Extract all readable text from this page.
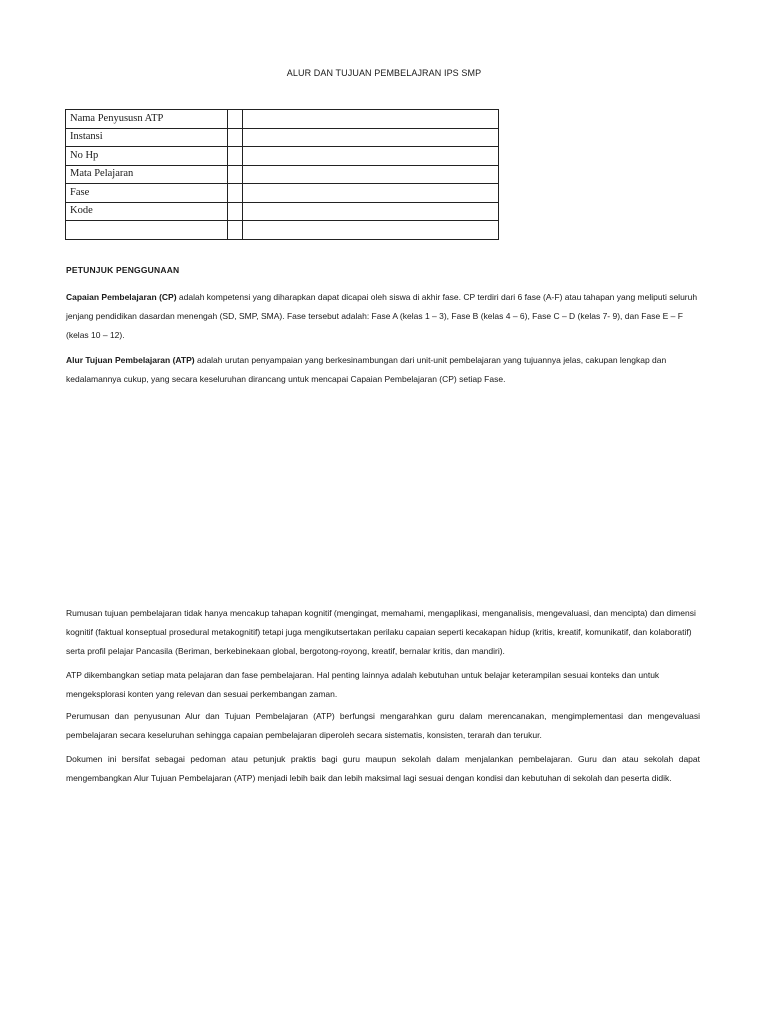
ALUR DAN TUJUAN PEMBELAJRAN IPS SMP
Nama Penyususn ATP		
Instansi		
No Hp		
Mata Pelajaran		
Fase		
Kode		

PETUNJUK PENGGUNAAN

Capaian Pembelajaran (CP) adalah kompetensi yang diharapkan dapat dicapai oleh siswa di akhir fase. CP terdiri dari 6 fase (A-F) atau tahapan yang meliputi seluruh jenjang pendidikan dasardan menengah (SD, SMP, SMA). Fase tersebut adalah: Fase A (kelas 1 – 3), Fase B (kelas 4 – 6), Fase C – D (kelas 7- 9), dan Fase E – F (kelas 10 – 12).

Alur Tujuan Pembelajaran (ATP) adalah urutan penyampaian yang berkesinambungan dari unit-unit pembelajaran yang tujuannya jelas, cakupan lengkap dan kedalamannya cukup, yang secara keseluruhan dirancang untuk mencapai Capaian Pembelajaran (CP) setiap Fase.

Rumusan tujuan pembelajaran tidak hanya mencakup tahapan kognitif (mengingat, memahami, mengaplikasi, menganalisis, mengevaluasi, dan mencipta) dan dimensi kognitif (faktual konseptual prosedural metakognitif) tetapi juga mengikutsertakan perilaku capaian seperti kecakapan hidup (kritis, kreatif, komunikatif, dan kolaboratif) serta profil pelajar Pancasila (Beriman, berkebinekaan global, bergotong-royong, kreatif, bernalar kritis, dan mandiri).

ATP dikembangkan setiap mata pelajaran dan fase pembelajaran. Hal penting lainnya adalah kebutuhan untuk belajar keterampilan sesuai konteks dan untuk mengeksplorasi konten yang relevan dan sesuai perkembangan zaman.

Perumusan dan penyusunan Alur dan Tujuan Pembelajaran (ATP) berfungsi mengarahkan guru dalam merencanakan, mengimplementasi dan mengevaluasi pembelajaran secara keseluruhan sehingga capaian pembelajaran diperoleh secara sistematis, konsisten, terarah dan terukur.

Dokumen ini bersifat sebagai pedoman atau petunjuk praktis bagi guru maupun sekolah dalam menjalankan pembelajaran. Guru dan atau sekolah dapat mengembangkan Alur Tujuan Pembelajaran (ATP) menjadi lebih baik dan lebih maksimal lagi sesuai dengan kondisi dan kebutuhan di sekolah dan peserta didik.
